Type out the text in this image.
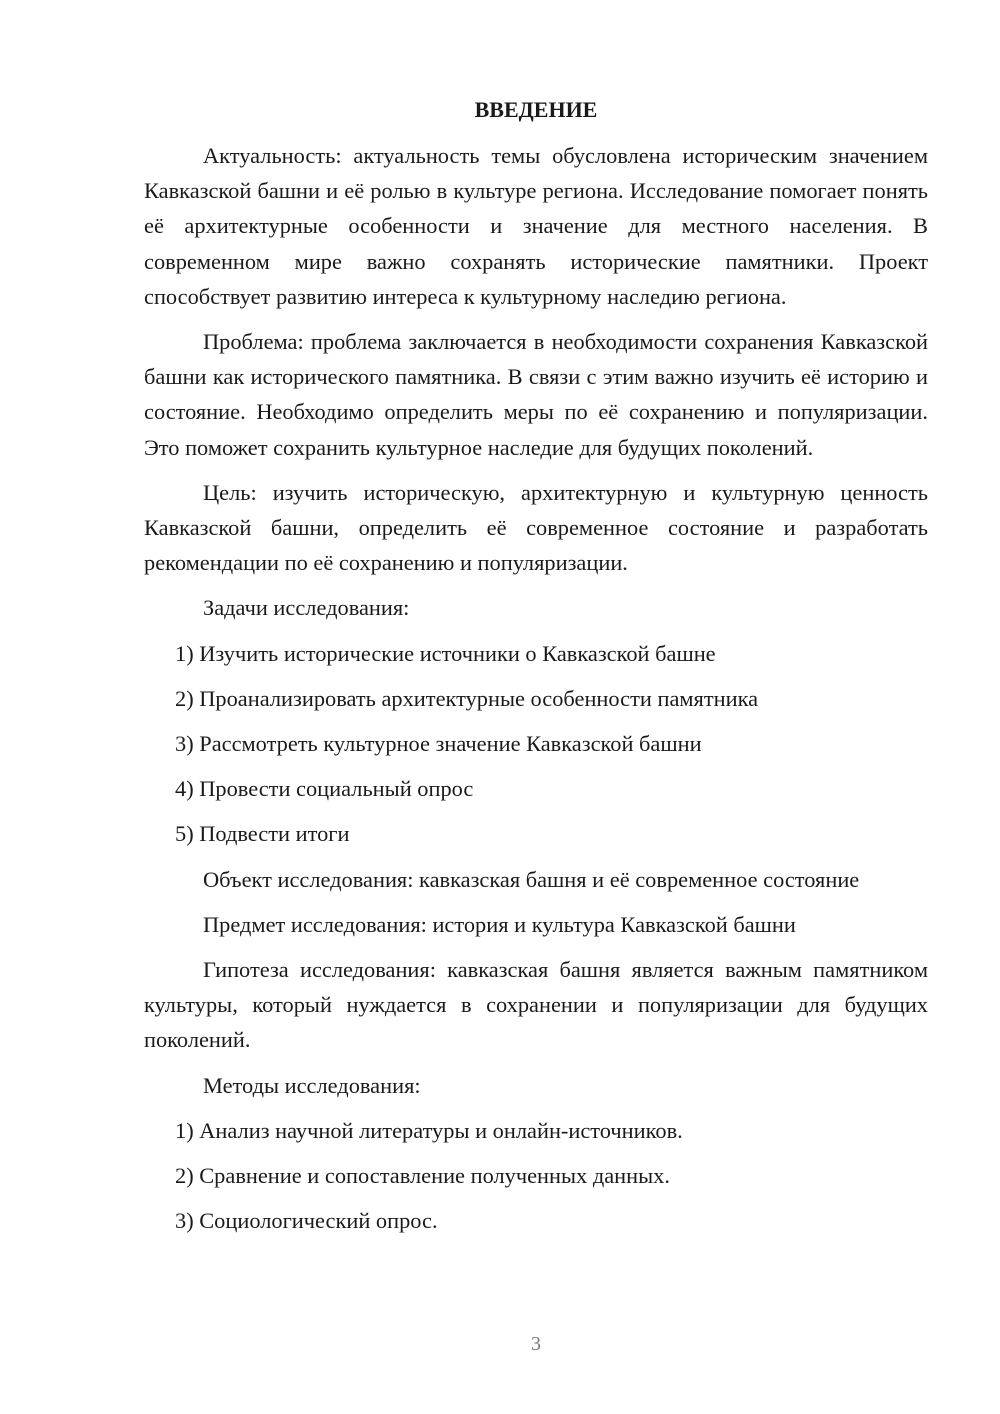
ВВЕДЕНИЕ

Актуальность: актуальность темы обусловлена историческим значением Кавказской башни и её ролью в культуре региона. Исследование помогает понять её архитектурные особенности и значение для местного населения. В современном мире важно сохранять исторические памятники. Проект способствует развитию интереса к культурному наследию региона.

Проблема: проблема заключается в необходимости сохранения Кавказской башни как исторического памятника. В связи с этим важно изучить её историю и состояние. Необходимо определить меры по её сохранению и популяризации. Это поможет сохранить культурное наследие для будущих поколений.

Цель: изучить историческую, архитектурную и культурную ценность Кавказской башни, определить её современное состояние и разработать рекомендации по её сохранению и популяризации.

Задачи исследования:
1) Изучить исторические источники о Кавказской башне
2) Проанализировать архитектурные особенности памятника
3) Рассмотреть культурное значение Кавказской башни
4) Провести социальный опрос
5) Подвести итоги
Объект исследования: кавказская башня и её современное состояние
Предмет исследования: история и культура Кавказской башни

Гипотеза исследования: кавказская башня является важным памятником культуры, который нуждается в сохранении и популяризации для будущих поколений.

Методы исследования:
1) Анализ научной литературы и онлайн-источников.
2) Сравнение и сопоставление полученных данных.
3) Социологический опрос.
3
